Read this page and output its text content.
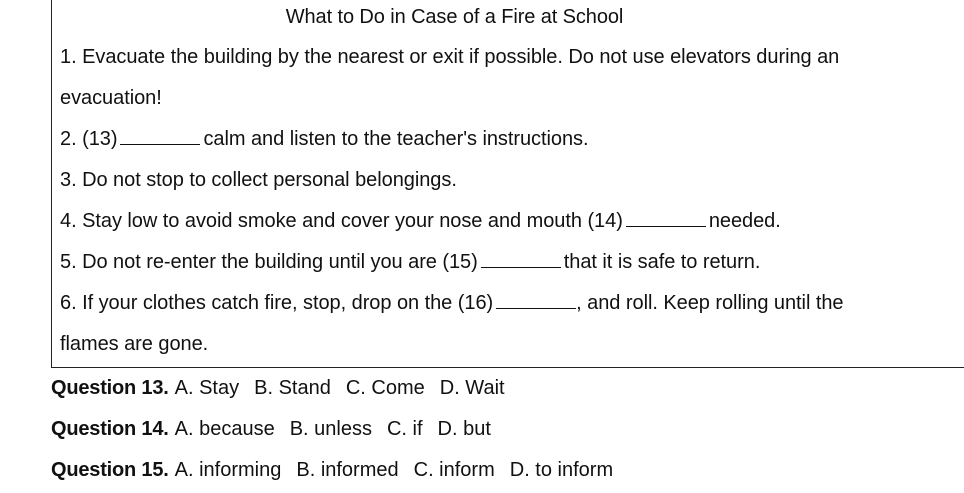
What to Do in Case of a Fire at School
1. Evacuate the building by the nearest or exit if possible. Do not use elevators during an
evacuation!
2. (13)	calm and listen to the teacher's instructions.
3. Do not stop to collect personal belongings.
4. Stay low to avoid smoke and cover your nose and mouth (14)	needed.
5. Do not re-enter the building until you are (15)	that it is safe to return.
6. If your clothes catch fire, stop, drop on the (16)	, and roll. Keep rolling until the
flames are gone.
Question 13. A. Stay B. Stand C. Come D. Wait
Question 14. A. because B. unless C. if D. but
Question 15. A. informing B. informed C. inform D. to inform
